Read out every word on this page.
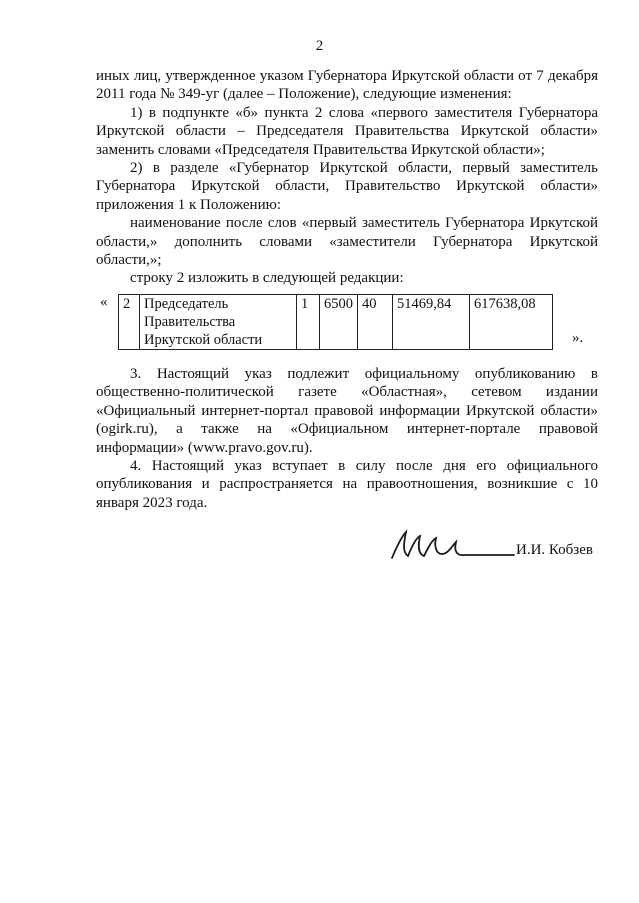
2

иных лиц, утвержденное указом Губернатора Иркутской области от 7 декабря 2011 года № 349-уг (далее – Положение), следующие изменения:

1) в подпункте «б» пункта 2 слова «первого заместителя Губернатора Иркутской области – Председателя Правительства Иркутской области» заменить словами «Председателя Правительства Иркутской области»;

2) в разделе «Губернатор Иркутской области, первый заместитель Губернатора Иркутской области, Правительство Иркутской области» приложения 1 к Положению:

наименование после слов «первый заместитель Губернатора Иркутской области,» дополнить словами «заместители Губернатора Иркутской области,»;

строку 2 изложить в следующей редакции:

« 2	Председатель Правительства Иркутской области	1	6500	40	51469,84	617638,08
».

3. Настоящий указ подлежит официальному опубликованию в общественно-политической газете «Областная», сетевом издании «Официальный интернет-портал правовой информации Иркутской области» (ogirk.ru), а также на «Официальном интернет-портале правовой информации» (www.pravo.gov.ru).

4. Настоящий указ вступает в силу после дня его официального опубликования и распространяется на правоотношения, возникшие с 10 января 2023 года.

И.И. Кобзев
